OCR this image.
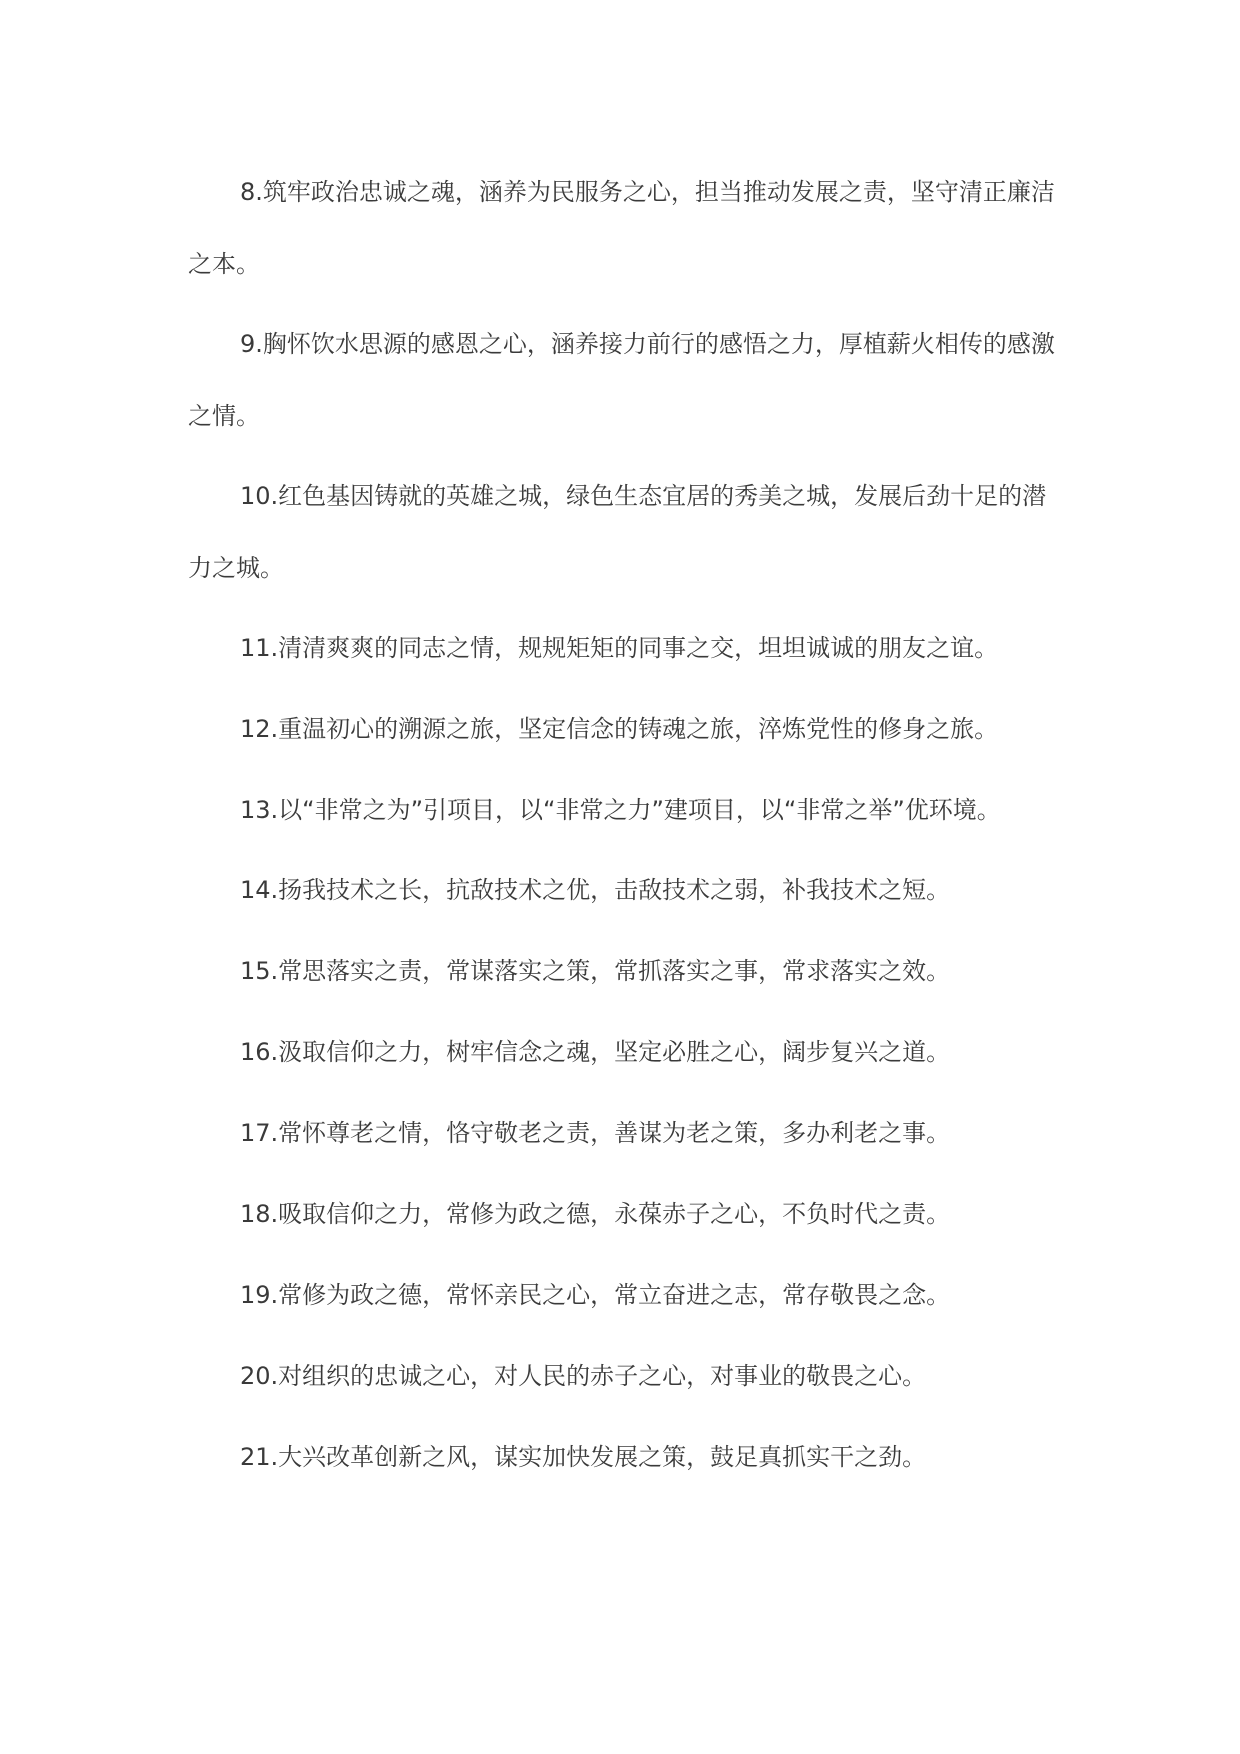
8.筑牢政治忠诚之魂，涵养为民服务之心，担当推动发展之责，坚守清正廉洁之本。

9.胸怀饮水思源的感恩之心，涵养接力前行的感悟之力，厚植薪火相传的感激之情。

10.红色基因铸就的英雄之城，绿色生态宜居的秀美之城，发展后劲十足的潜力之城。

11.清清爽爽的同志之情，规规矩矩的同事之交，坦坦诚诚的朋友之谊。

12.重温初心的溯源之旅，坚定信念的铸魂之旅，淬炼党性的修身之旅。

13.以“非常之为”引项目，以“非常之力”建项目，以“非常之举”优环境。

14.扬我技术之长，抗敌技术之优，击敌技术之弱，补我技术之短。

15.常思落实之责，常谋落实之策，常抓落实之事，常求落实之效。

16.汲取信仰之力，树牢信念之魂，坚定必胜之心，阔步复兴之道。

17.常怀尊老之情，恪守敬老之责，善谋为老之策，多办利老之事。

18.吸取信仰之力，常修为政之德，永葆赤子之心，不负时代之责。

19.常修为政之德，常怀亲民之心，常立奋进之志，常存敬畏之念。

20.对组织的忠诚之心，对人民的赤子之心，对事业的敬畏之心。

21.大兴改革创新之风，谋实加快发展之策，鼓足真抓实干之劲。
